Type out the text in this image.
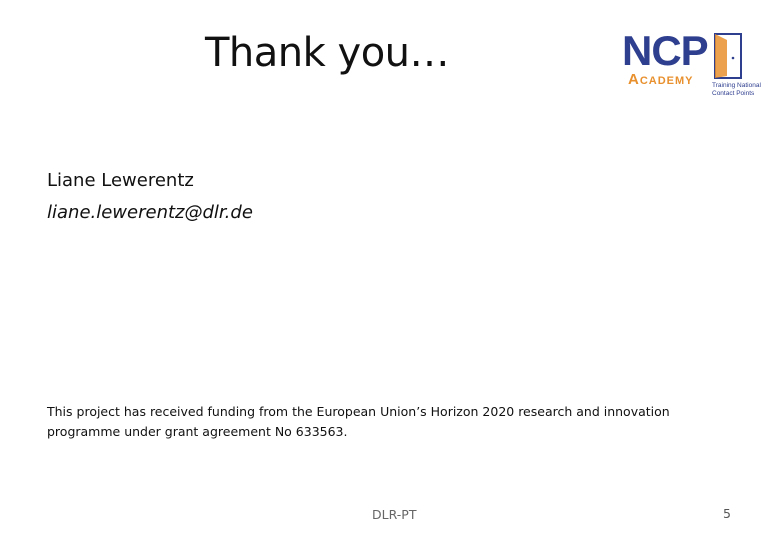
Thank you…	NCP
Academy	Training National Contact Points
Liane Lewerentz
liane.lewerentz@dlr.de
This project has received funding from the European Union’s Horizon 2020 research and innovation programme under grant agreement No 633563.
DLR-PT	5
